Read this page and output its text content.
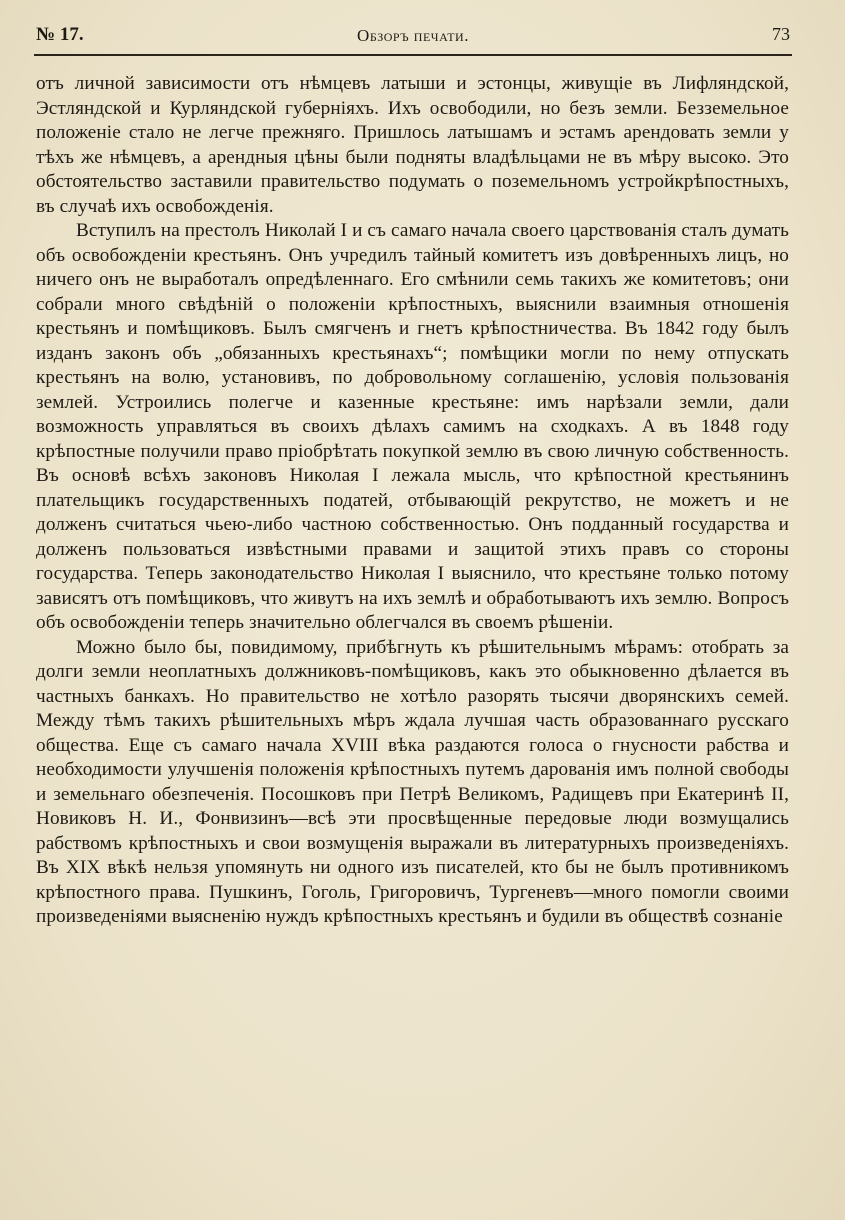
№ 17.	Обзоръ печати.	73

отъ личной зависимости отъ нѣмцевъ латыши и эстонцы, живущіе въ Лифляндской, Эстляндской и Курляндской губерніяхъ. Ихъ освободили, но безъ земли. Беззeмельное положеніе стало не легче прежняго. Пришлось латышамъ и эстамъ арендовать земли у тѣхъ же нѣмцевъ, а арендныя цѣны были подняты владѣльцами не въ мѣру высоко. Это обстоятельство заставили правительство подумать о поземельномъ устройкрѣпостныхъ, въ случаѣ ихъ освобожденія.

Вступилъ на престолъ Николай I и съ самаго начала своего царствованія сталъ думать объ освобожденіи крестьянъ. Онъ учредилъ тайный комитетъ изъ довѣренныхъ лицъ, но ничего онъ не выработалъ опредѣленнаго. Его смѣнили семь такихъ же комитетовъ; они собрали много свѣдѣній о положеніи крѣпостныхъ, выяснили взаимныя отношенія крестьянъ и помѣщиковъ. Былъ смягченъ и гнетъ крѣпостничества. Въ 1842 году былъ изданъ законъ объ „обязанныхъ крестьянахъ“; помѣщики могли по нему отпускать крестьянъ на волю, установивъ, по добровольному соглашенію, условія пользованія землей. Устроились полегче и казенные крестьяне: имъ нарѣзали земли, дали возможность управляться въ своихъ дѣлахъ самимъ на сходкахъ. А въ 1848 году крѣпостные получили право пріобрѣтать покупкой землю въ свою личную собственность. Въ основѣ всѣхъ законовъ Николая I лежала мысль, что крѣпостной крестьянинъ плательщикъ государственныхъ податей, отбывающій рекрутство, не можетъ и не долженъ считаться чьею-либо частною собственностью. Онъ подданный государства и долженъ пользоваться извѣстными правами и защитой этихъ правъ со стороны государства. Теперь законодательство Николая I выяснило, что крестьяне только потому зависятъ отъ помѣщиковъ, что живутъ на ихъ землѣ и обработываютъ ихъ землю. Вопросъ объ освобожденіи теперь значительно облегчался въ своемъ рѣшеніи.

Можно было бы, повидимому, прибѣгнуть къ рѣшительнымъ мѣрамъ: отобрать за долги земли неоплатныхъ должниковъ-помѣщиковъ, какъ это обыкновенно дѣлается въ частныхъ банкахъ. Но правительство не хотѣло разорять тысячи дворянскихъ семей. Между тѣмъ такихъ рѣшительныхъ мѣръ ждала лучшая часть образованнаго русскаго общества. Еще съ самаго начала XVIII вѣка раздаются голоса о гнусности рабства и необходимости улучшенія положенія крѣпостныхъ путемъ дарованія имъ полной свободы и земельнаго обезпеченія. Посошковъ при Петрѣ Великомъ, Радищевъ при Екатеринѣ II, Новиковъ Н. И., Фонвизинъ—всѣ эти просвѣщенные передовые люди возмущались рабствомъ крѣпостныхъ и свои возмущенія выражали въ литературныхъ произведеніяхъ. Въ XIX вѣкѣ нельзя упомянуть ни одного изъ писателей, кто бы не былъ противникомъ крѣпостного права. Пушкинъ, Гоголь, Григоровичъ, Тургеневъ—много помогли своими произведеніями выясненію нуждъ крѣпостныхъ крестьянъ и будили въ обществѣ сознаніе
